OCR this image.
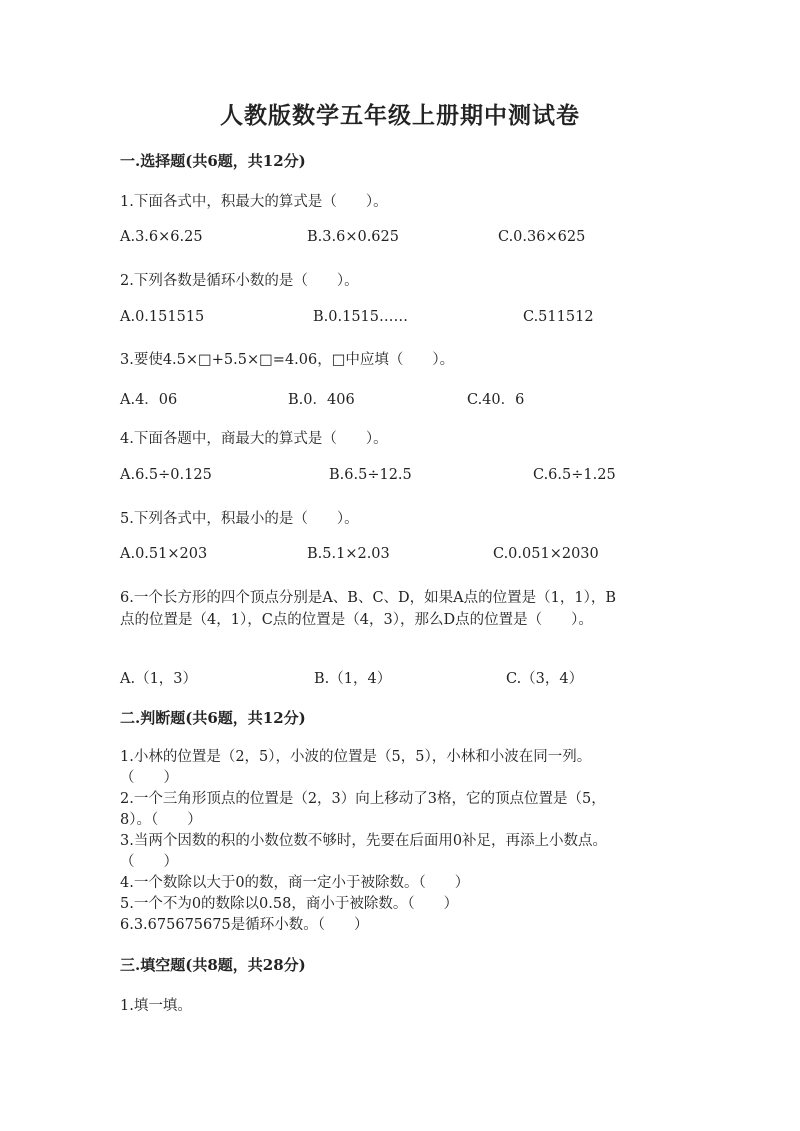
人教版数学五年级上册期中测试卷
一.选择题(共6题，共12分)
1.下面各式中，积最大的算式是（　　）。
A.3.6×6.25	B.3.6×0.625	C.0.36×625
2.下列各数是循环小数的是（　　）。
A.0.151515	B.0.1515……	C.511512
3.要使4.5×□+5.5×□=4.06，□中应填（　　）。
A.4．06	B.0．406	C.40．6
4.下面各题中，商最大的算式是（　　）。
A.6.5÷0.125	B.6.5÷12.5	C.6.5÷1.25
5.下列各式中，积最小的是（　　）。
A.0.51×203	B.5.1×2.03	C.0.051×2030
6.一个长方形的四个顶点分别是A、B、C、D，如果A点的位置是（1，1），B
点的位置是（4，1），C点的位置是（4，3），那么D点的位置是（　　）。
A.（1，3）	B.（1，4）	C.（3，4）
二.判断题(共6题，共12分)
1.小林的位置是（2，5），小波的位置是（5，5），小林和小波在同一列。
（　　）
2.一个三角形顶点的位置是（2，3）向上移动了3格，它的顶点位置是（5，
8）。（　　）
3.当两个因数的积的小数位数不够时，先要在后面用0补足，再添上小数点。
（　　）
4.一个数除以大于0的数，商一定小于被除数。（　　）
5.一个不为0的数除以0.58，商小于被除数。（　　）
6.3.675675675是循环小数。（　　）
三.填空题(共8题，共28分)
1.填一填。
